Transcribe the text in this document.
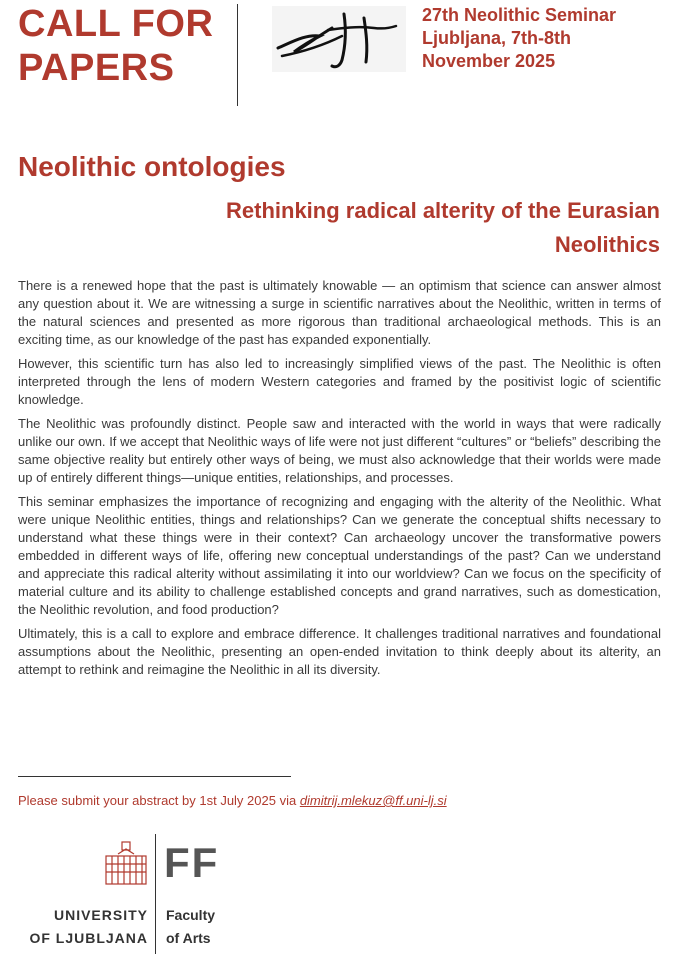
CALL FOR
PAPERS
27th Neolithic Seminar
Ljubljana, 7th-8th
November 2025
Neolithic ontologies
Rethinking radical alterity of the Eurasian
Neolithics

There is a renewed hope that the past is ultimately knowable — an optimism that science can answer almost any question about it. We are witnessing a surge in scientific narratives about the Neolithic, written in terms of the natural sciences and presented as more rigorous than traditional archaeological methods. This is an exciting time, as our knowledge of the past has expanded exponentially.

However, this scientific turn has also led to increasingly simplified views of the past. The Neolithic is often interpreted through the lens of modern Western categories and framed by the positivist logic of scientific knowledge.

The Neolithic was profoundly distinct. People saw and interacted with the world in ways that were radically unlike our own. If we accept that Neolithic ways of life were not just different “cultures” or “beliefs” describing the same objective reality but entirely other ways of being, we must also acknowledge that their worlds were made up of entirely different things—unique entities, relationships, and processes.

This seminar emphasizes the importance of recognizing and engaging with the alterity of the Neolithic. What were unique Neolithic entities, things and relationships? Can we generate the conceptual shifts necessary to understand what these things were in their context? Can archaeology uncover the transformative powers embedded in different ways of life, offering new conceptual understandings of the past? Can we understand and appreciate this radical alterity without assimilating it into our worldview? Can we focus on the specificity of material culture and its ability to challenge established concepts and grand narratives, such as domestication, the Neolithic revolution, and food production?

Ultimately, this is a call to explore and embrace difference. It challenges traditional narratives and foundational assumptions about the Neolithic, presenting an open-ended invitation to think deeply about its alterity, an attempt to rethink and reimagine the Neolithic in all its diversity.

Please submit your abstract by 1st July 2025 via dimitrij.mlekuz@ff.uni-lj.si
UNIVERSITY
OF LJUBLJANA
FF
Faculty
of Arts
